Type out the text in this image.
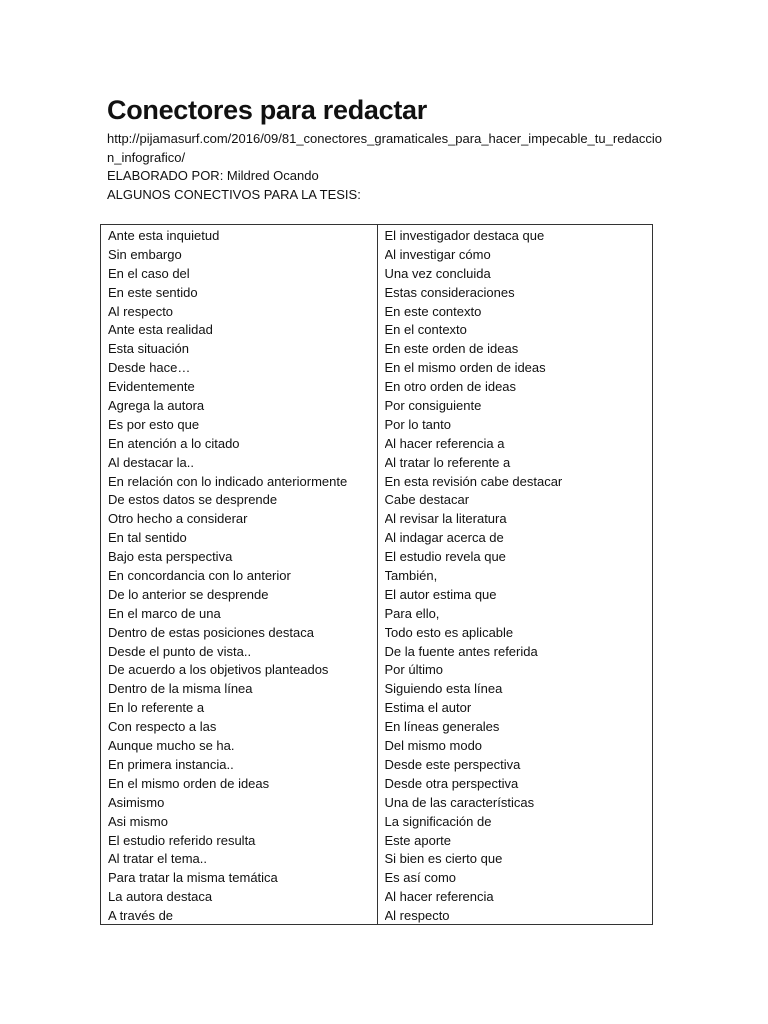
Conectores para redactar
http://pijamasurf.com/2016/09/81_conectores_gramaticales_para_hacer_impecable_tu_redaccion_infografico/
ELABORADO POR: Mildred Ocando
ALGUNOS CONECTIVOS PARA LA TESIS:
Ante esta inquietud
Sin embargo
En el caso del
En este sentido
Al respecto
Ante esta realidad
Esta situación
Desde hace…
Evidentemente
Agrega la autora
Es por esto que
En atención a lo citado
Al destacar la..
En relación con lo indicado anteriormente
De estos datos se desprende
Otro hecho a considerar
En tal sentido
Bajo esta perspectiva
En concordancia con lo anterior
De lo anterior se desprende
En el marco de una
Dentro de estas posiciones destaca
Desde el punto de vista..
De acuerdo a los objetivos planteados
Dentro de la misma línea
En lo referente a
Con respecto a las
Aunque mucho se ha.
En primera instancia..
En el mismo orden de ideas
Asimismo
Asi mismo
El estudio referido resulta
Al tratar el tema..
Para tratar la misma temática
La autora destaca
A través de
El investigador destaca que
Al investigar cómo
Una vez concluida
Estas consideraciones
En este contexto
En el contexto
En este orden de ideas
En el mismo orden de ideas
En otro orden de ideas
Por consiguiente
Por lo tanto
Al hacer referencia a
Al tratar lo referente a
En esta revisión cabe destacar
Cabe destacar
Al revisar la literatura
Al indagar acerca de
El estudio revela que
También,
El autor estima que
Para ello,
Todo esto es aplicable
De la fuente antes referida
Por último
Siguiendo esta línea
Estima el autor
En líneas generales
Del mismo modo
Desde este perspectiva
Desde otra perspectiva
Una de las características
La significación de
Este aporte
Si bien es cierto que
Es así como
Al hacer referencia
Al respecto
